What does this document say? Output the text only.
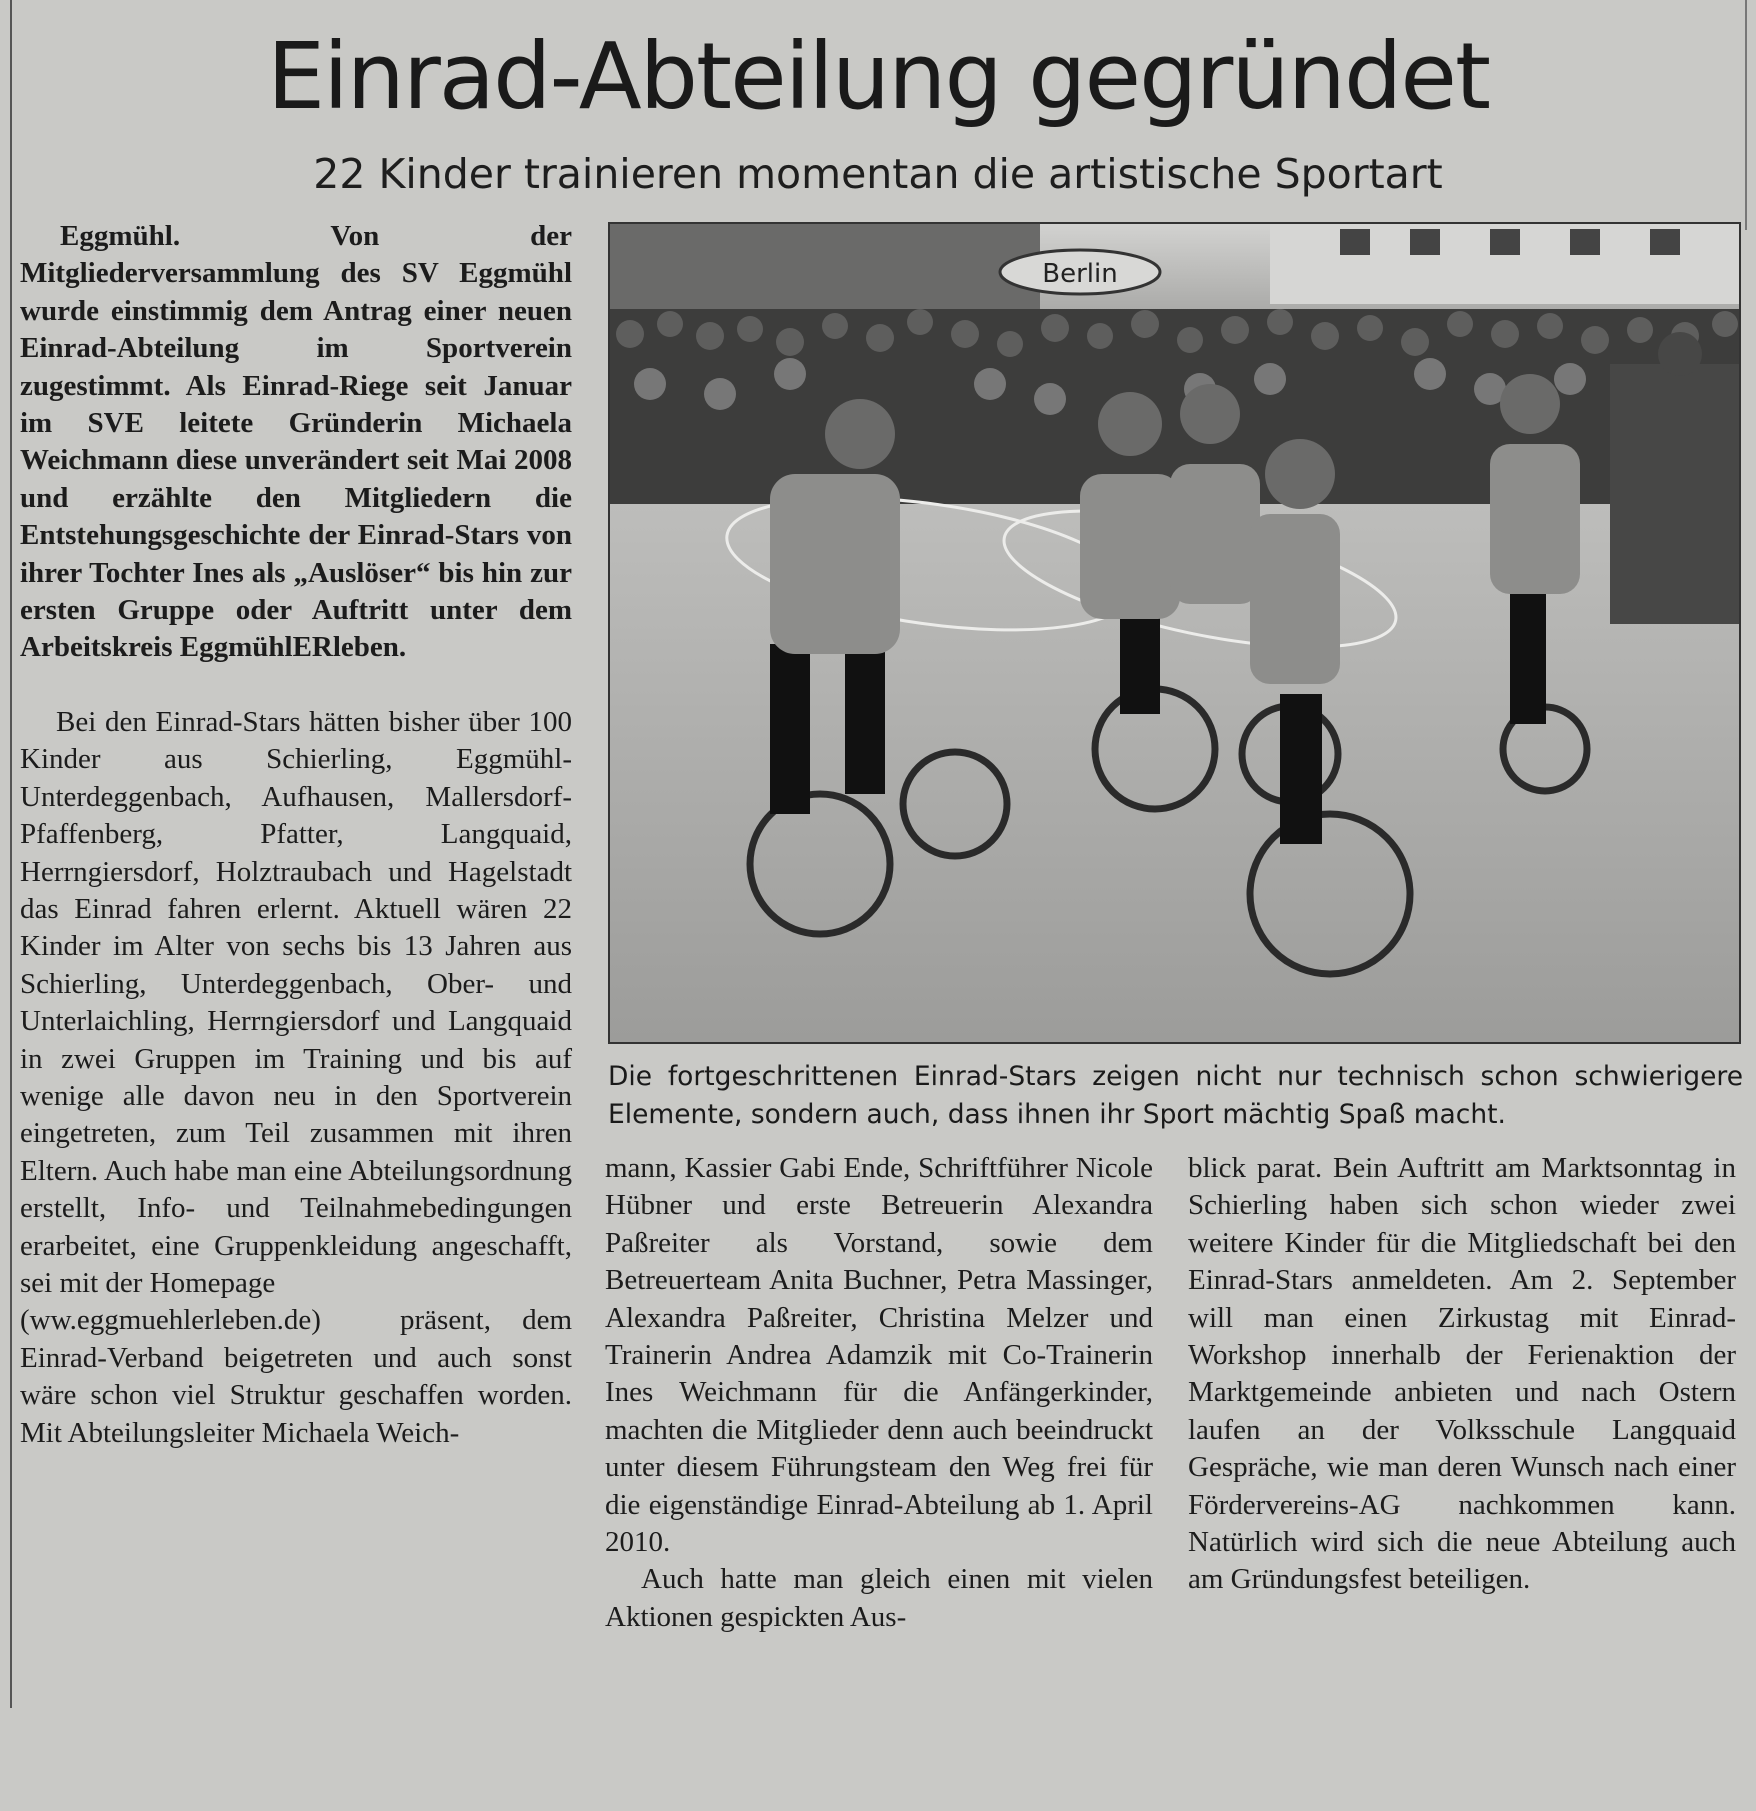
Einrad-Abteilung gegründet
22 Kinder trainieren momentan die artistische Sportart

Eggmühl. Von der Mitgliederversammlung des SV Eggmühl wurde einstimmig dem Antrag einer neuen Einrad-Abteilung im Sportverein zugestimmt. Als Einrad-Riege seit Januar im SVE leitete Gründerin Michaela Weichmann diese unverändert seit Mai 2008 und erzählte den Mitgliedern die Entstehungsgeschichte der Einrad-Stars von ihrer Tochter Ines als „Auslöser“ bis hin zur ersten Gruppe oder Auftritt unter dem Arbeitskreis EggmühlERleben.

Bei den Einrad-Stars hätten bisher über 100 Kinder aus Schierling, Eggmühl-Unterdeggenbach, Aufhausen, Mallersdorf-Pfaffenberg, Pfatter, Langquaid, Herrngiersdorf, Holztraubach und Hagelstadt das Einrad fahren erlernt. Aktuell wären 22 Kinder im Alter von sechs bis 13 Jahren aus Schierling, Unterdeggenbach, Ober- und Unterlaichling, Herrngiersdorf und Langquaid in zwei Gruppen im Training und bis auf wenige alle davon neu in den Sportverein eingetreten, zum Teil zusammen mit ihren Eltern. Auch habe man eine Abteilungsordnung erstellt, Info- und Teilnahmebedingungen erarbeitet, eine Gruppenkleidung angeschafft, sei mit der Homepage

(ww.eggmuehlerleben.de)	präsent, dem Einrad-Verband beigetreten und auch sonst wäre schon viel Struktur geschaffen worden. Mit Abteilungsleiter Michaela Weich-

Berlin

Die fortgeschrittenen Einrad-Stars zeigen nicht nur technisch schon schwierigere Elemente, sondern auch, dass ihnen ihr Sport mächtig Spaß macht.

mann, Kassier Gabi Ende, Schriftführer Nicole Hübner und erste Betreuerin Alexandra Paßreiter als Vorstand, sowie dem Betreuerteam Anita Buchner, Petra Massinger, Alexandra Paßreiter, Christina Melzer und Trainerin Andrea Adamzik mit Co-Trainerin Ines Weichmann für die Anfängerkinder, machten die Mitglieder denn auch beeindruckt unter diesem Führungsteam den Weg frei für die eigenständige Einrad-Abteilung ab 1. April 2010.

Auch hatte man gleich einen mit vielen Aktionen gespickten Aus-

blick parat. Bein Auftritt am Marktsonntag in Schierling haben sich schon wieder zwei weitere Kinder für die Mitgliedschaft bei den Einrad-Stars anmeldeten. Am 2. September will man einen Zirkustag mit Einrad-Workshop innerhalb der Ferienaktion der Marktgemeinde anbieten und nach Ostern laufen an der Volksschule Langquaid Gespräche, wie man deren Wunsch nach einer Fördervereins-AG nachkommen kann. Natürlich wird sich die neue Abteilung auch am Gründungsfest beteiligen.
